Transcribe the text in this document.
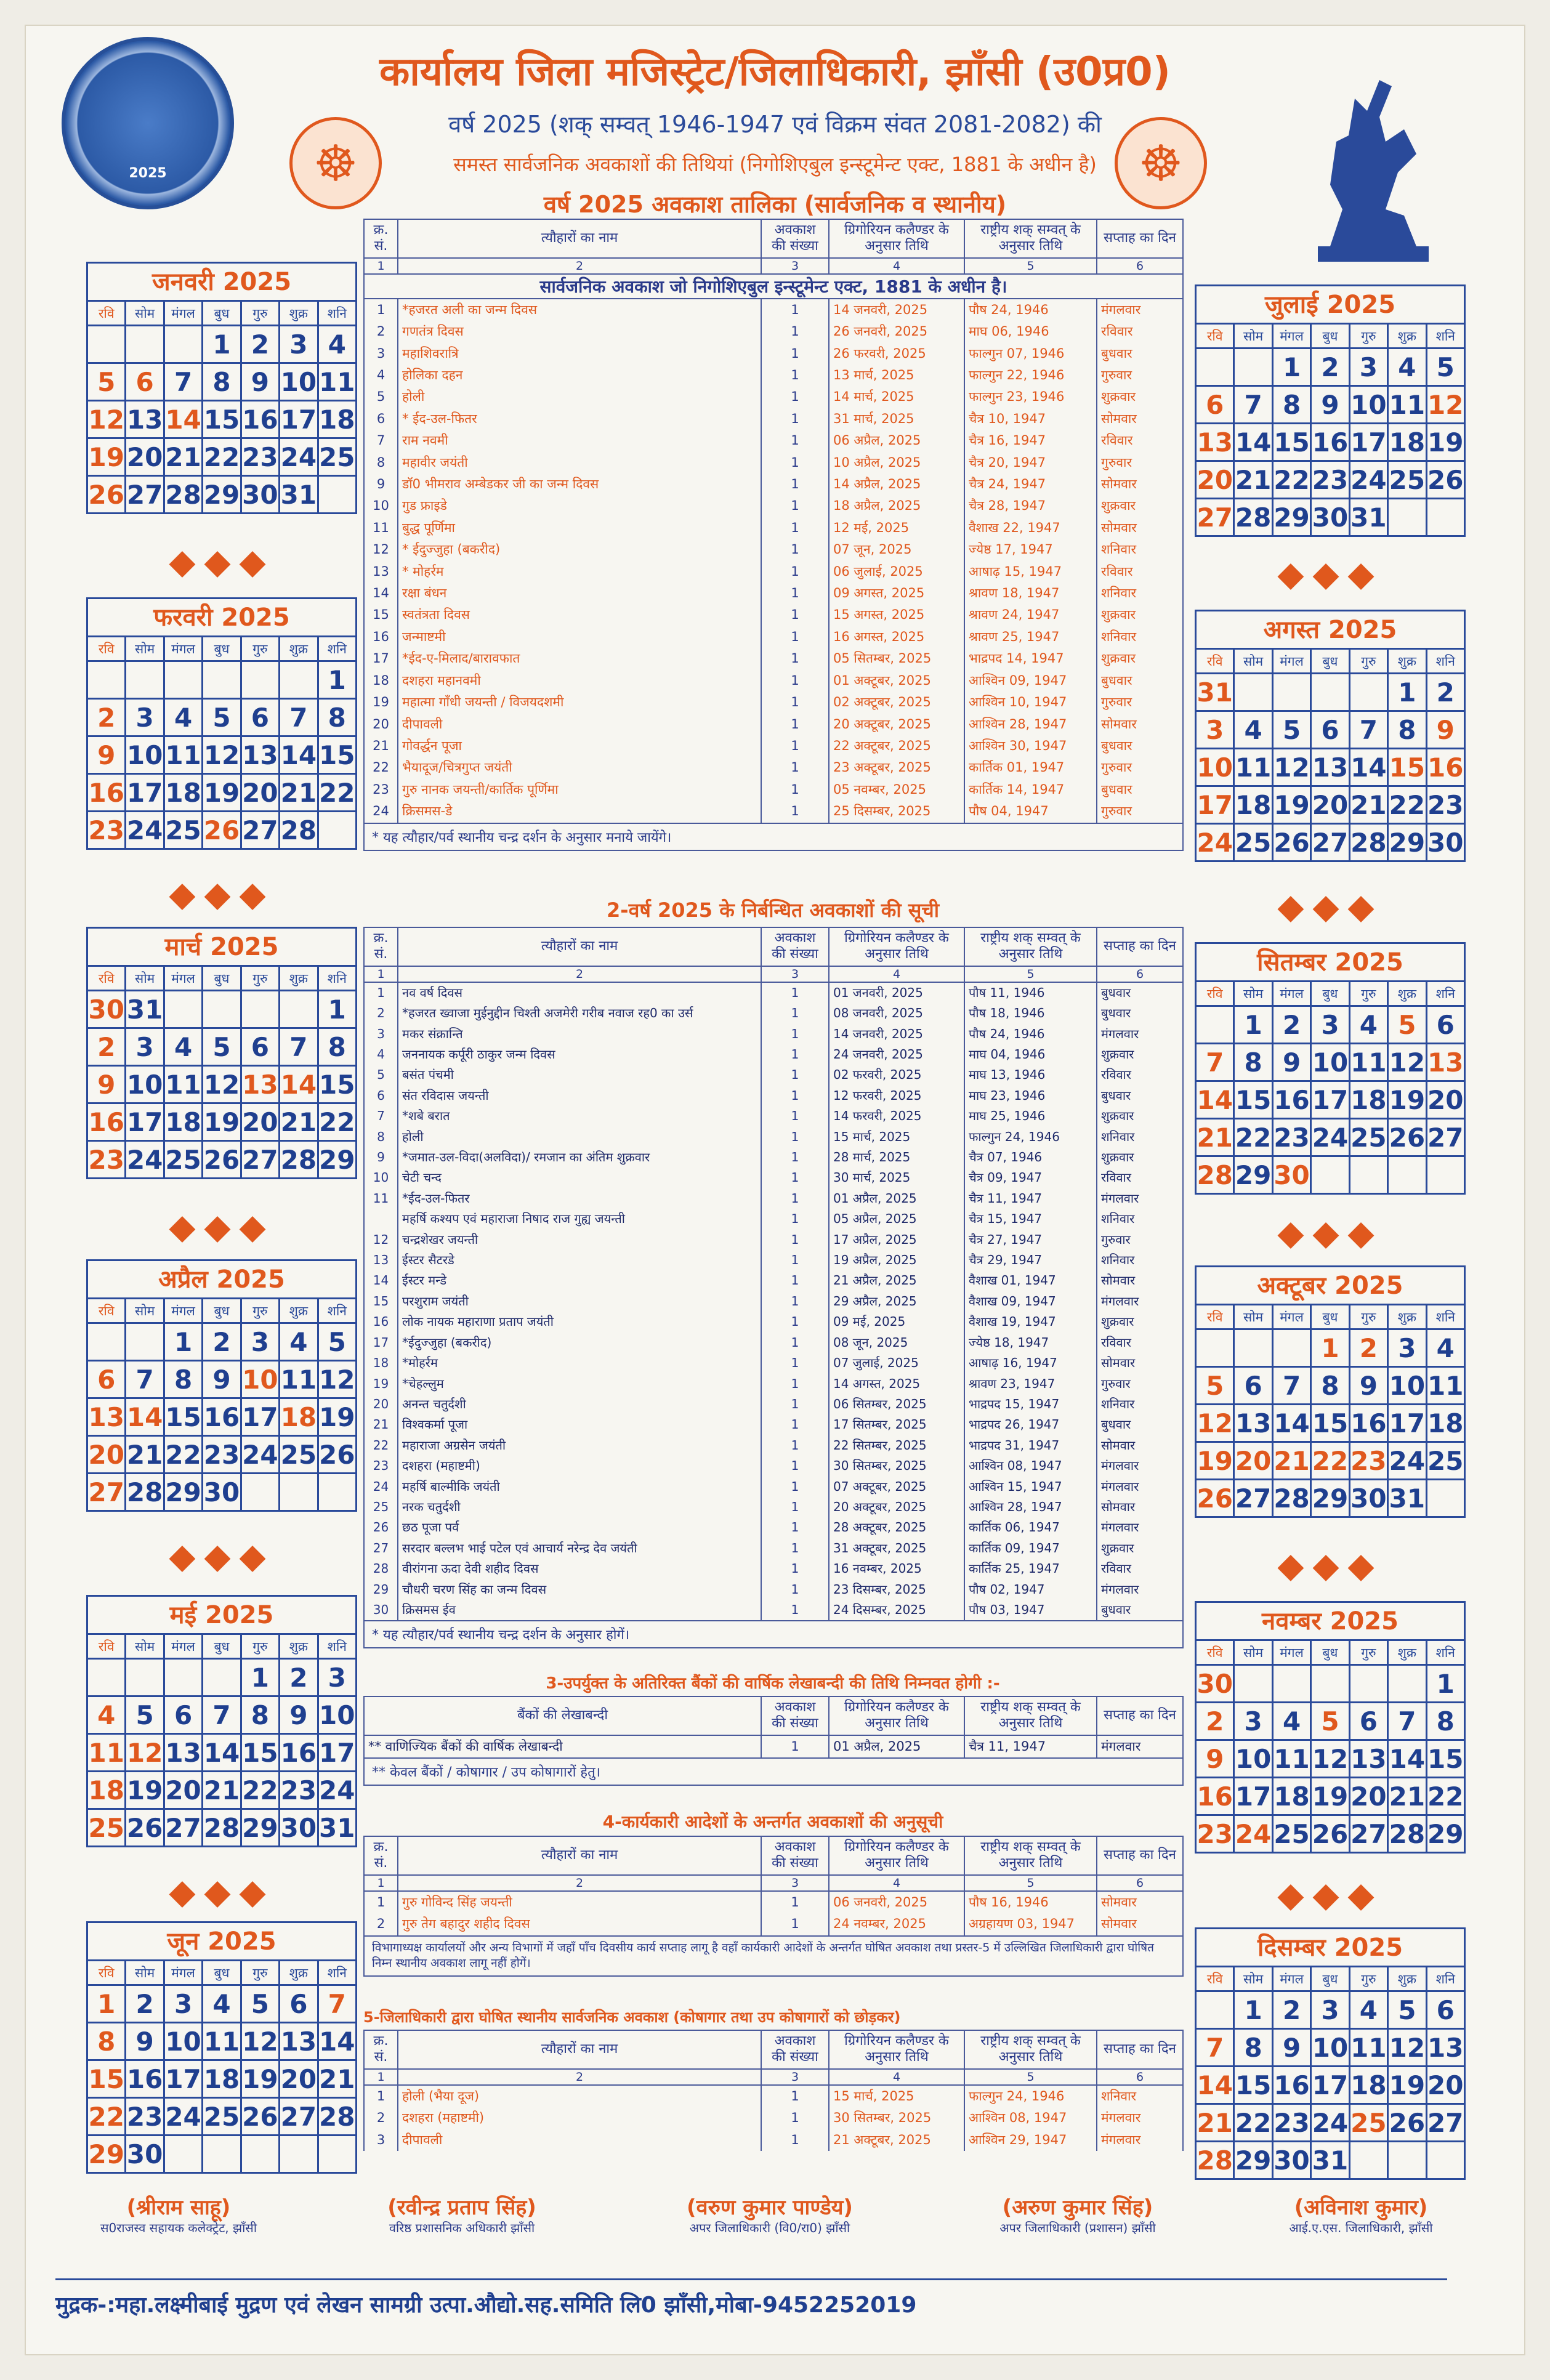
2025
☸
☸
कार्यालय जिला मजिस्ट्रेट/जिलाधिकारी, झाँसी (उ0प्र0)
वर्ष 2025 (शक् सम्वत् 1946-1947 एवं विक्रम संवत 2081-2082) की
समस्त सार्वजनिक अवकाशों की तिथियां (निगोशिएबुल इन्स्टूमेन्ट एक्ट, 1881 के अधीन है)
वर्ष 2025 अवकाश तालिका (सार्वजनिक व स्थानीय)
जनवरी 2025
रवि	सोम	मंगल	बुध	गुरु	शुक्र	शनि
			1	2	3	4
5	6	7	8	9	10	11
12	13	14	15	16	17	18
19	20	21	22	23	24	25
26	27	28	29	30	31	
फरवरी 2025
रवि	सोम	मंगल	बुध	गुरु	शुक्र	शनि
						1
2	3	4	5	6	7	8
9	10	11	12	13	14	15
16	17	18	19	20	21	22
23	24	25	26	27	28	
मार्च 2025
रवि	सोम	मंगल	बुध	गुरु	शुक्र	शनि
30	31					1
2	3	4	5	6	7	8
9	10	11	12	13	14	15
16	17	18	19	20	21	22
23	24	25	26	27	28	29
अप्रैल 2025
रवि	सोम	मंगल	बुध	गुरु	शुक्र	शनि
		1	2	3	4	5
6	7	8	9	10	11	12
13	14	15	16	17	18	19
20	21	22	23	24	25	26
27	28	29	30			
मई 2025
रवि	सोम	मंगल	बुध	गुरु	शुक्र	शनि
				1	2	3
4	5	6	7	8	9	10
11	12	13	14	15	16	17
18	19	20	21	22	23	24
25	26	27	28	29	30	31
जून 2025
रवि	सोम	मंगल	बुध	गुरु	शुक्र	शनि
1	2	3	4	5	6	7
8	9	10	11	12	13	14
15	16	17	18	19	20	21
22	23	24	25	26	27	28
29	30					
जुलाई 2025
रवि	सोम	मंगल	बुध	गुरु	शुक्र	शनि
		1	2	3	4	5
6	7	8	9	10	11	12
13	14	15	16	17	18	19
20	21	22	23	24	25	26
27	28	29	30	31		
अगस्त 2025
रवि	सोम	मंगल	बुध	गुरु	शुक्र	शनि
31					1	2
3	4	5	6	7	8	9
10	11	12	13	14	15	16
17	18	19	20	21	22	23
24	25	26	27	28	29	30
सितम्बर 2025
रवि	सोम	मंगल	बुध	गुरु	शुक्र	शनि
	1	2	3	4	5	6
7	8	9	10	11	12	13
14	15	16	17	18	19	20
21	22	23	24	25	26	27
28	29	30				
अक्टूबर 2025
रवि	सोम	मंगल	बुध	गुरु	शुक्र	शनि
			1	2	3	4
5	6	7	8	9	10	11
12	13	14	15	16	17	18
19	20	21	22	23	24	25
26	27	28	29	30	31	
नवम्बर 2025
रवि	सोम	मंगल	बुध	गुरु	शुक्र	शनि
30						1
2	3	4	5	6	7	8
9	10	11	12	13	14	15
16	17	18	19	20	21	22
23	24	25	26	27	28	29
दिसम्बर 2025
रवि	सोम	मंगल	बुध	गुरु	शुक्र	शनि
	1	2	3	4	5	6
7	8	9	10	11	12	13
14	15	16	17	18	19	20
21	22	23	24	25	26	27
28	29	30	31			
◆◆◆
◆◆◆
◆◆◆
◆◆◆
◆◆◆
◆◆◆
◆◆◆
◆◆◆
◆◆◆
◆◆◆
क्र. सं.	त्यौहारों का नाम	अवकाश की संख्या	ग्रिगोरियन कलैण्डर के अनुसार तिथि	राष्ट्रीय शक् सम्वत् के अनुसार तिथि	सप्ताह का दिन
1	2	3	4	5	6
सार्वजनिक अवकाश जो निगोशिएबुल इन्स्टूमेन्ट एक्ट, 1881 के अधीन है।					
1	*हजरत अली का जन्म दिवस	1	14 जनवरी, 2025	पौष 24, 1946	मंगलवार
2	गणतंत्र दिवस	1	26 जनवरी, 2025	माघ 06, 1946	रविवार
3	महाशिवरात्रि	1	26 फरवरी, 2025	फाल्गुन 07, 1946	बुधवार
4	होलिका दहन	1	13 मार्च, 2025	फाल्गुन 22, 1946	गुरुवार
5	होली	1	14 मार्च, 2025	फाल्गुन 23, 1946	शुक्रवार
6	* ईद-उल-फितर	1	31 मार्च, 2025	चैत्र 10, 1947	सोमवार
7	राम नवमी	1	06 अप्रैल, 2025	चैत्र 16, 1947	रविवार
8	महावीर जयंती	1	10 अप्रैल, 2025	चैत्र 20, 1947	गुरुवार
9	डॉ0 भीमराव अम्बेडकर जी का जन्म दिवस	1	14 अप्रैल, 2025	चैत्र 24, 1947	सोमवार
10	गुड फ्राइडे	1	18 अप्रैल, 2025	चैत्र 28, 1947	शुक्रवार
11	बुद्ध पूर्णिमा	1	12 मई, 2025	वैशाख 22, 1947	सोमवार
12	* ईदुज्जुहा (बकरीद)	1	07 जून, 2025	ज्येष्ठ 17, 1947	शनिवार
13	* मोहर्रम	1	06 जुलाई, 2025	आषाढ़ 15, 1947	रविवार
14	रक्षा बंधन	1	09 अगस्त, 2025	श्रावण 18, 1947	शनिवार
15	स्वतंत्रता दिवस	1	15 अगस्त, 2025	श्रावण 24, 1947	शुक्रवार
16	जन्माष्टमी	1	16 अगस्त, 2025	श्रावण 25, 1947	शनिवार
17	*ईद-ए-मिलाद/बारावफात	1	05 सितम्बर, 2025	भाद्रपद 14, 1947	शुक्रवार
18	दशहरा महानवमी	1	01 अक्टूबर, 2025	आश्विन 09, 1947	बुधवार
19	महात्मा गाँधी जयन्ती / विजयदशमी	1	02 अक्टूबर, 2025	आश्विन 10, 1947	गुरुवार
20	दीपावली	1	20 अक्टूबर, 2025	आश्विन 28, 1947	सोमवार
21	गोवर्द्धन पूजा	1	22 अक्टूबर, 2025	आश्विन 30, 1947	बुधवार
22	भैयादूज/चित्रगुप्त जयंती	1	23 अक्टूबर, 2025	कार्तिक 01, 1947	गुरुवार
23	गुरु नानक जयन्ती/कार्तिक पूर्णिमा	1	05 नवम्बर, 2025	कार्तिक 14, 1947	बुधवार
24	क्रिसमस-डे	1	25 दिसम्बर, 2025	पौष 04, 1947	गुरुवार
* यह त्यौहार/पर्व स्थानीय चन्द्र दर्शन के अनुसार मनाये जायेंगे।					
2-वर्ष 2025 के निर्बन्धित अवकाशों की सूची
क्र. सं.	त्यौहारों का नाम	अवकाश की संख्या	ग्रिगोरियन कलैण्डर के अनुसार तिथि	राष्ट्रीय शक् सम्वत् के अनुसार तिथि	सप्ताह का दिन
1	2	3	4	5	6
1	नव वर्ष दिवस	1	01 जनवरी, 2025	पौष 11, 1946	बुधवार
2	*हजरत ख्वाजा मुईनुद्दीन चिश्ती अजमेरी गरीब नवाज रह0 का उर्स	1	08 जनवरी, 2025	पौष 18, 1946	बुधवार
3	मकर संक्रान्ति	1	14 जनवरी, 2025	पौष 24, 1946	मंगलवार
4	जननायक कर्पूरी ठाकुर जन्म दिवस	1	24 जनवरी, 2025	माघ 04, 1946	शुक्रवार
5	बसंत पंचमी	1	02 फरवरी, 2025	माघ 13, 1946	रविवार
6	संत रविदास जयन्ती	1	12 फरवरी, 2025	माघ 23, 1946	बुधवार
7	*शबे बरात	1	14 फरवरी, 2025	माघ 25, 1946	शुक्रवार
8	होली	1	15 मार्च, 2025	फाल्गुन 24, 1946	शनिवार
9	*जमात-उल-विदा(अलविदा)/ रमजान का अंतिम शुक्रवार	1	28 मार्च, 2025	चैत्र 07, 1946	शुक्रवार
10	चेटी चन्द	1	30 मार्च, 2025	चैत्र 09, 1947	रविवार
11	*ईद-उल-फितर	1	01 अप्रैल, 2025	चैत्र 11, 1947	मंगलवार
	महर्षि कश्यप एवं महाराजा निषाद राज गुह्य जयन्ती	1	05 अप्रैल, 2025	चैत्र 15, 1947	शनिवार
12	चन्द्रशेखर जयन्ती	1	17 अप्रैल, 2025	चैत्र 27, 1947	गुरुवार
13	ईस्टर सैटरडे	1	19 अप्रैल, 2025	चैत्र 29, 1947	शनिवार
14	ईस्टर मन्डे	1	21 अप्रैल, 2025	वैशाख 01, 1947	सोमवार
15	परशुराम जयंती	1	29 अप्रैल, 2025	वैशाख 09, 1947	मंगलवार
16	लोक नायक महाराणा प्रताप जयंती	1	09 मई, 2025	वैशाख 19, 1947	शुक्रवार
17	*ईदुज्जुहा (बकरीद)	1	08 जून, 2025	ज्येष्ठ 18, 1947	रविवार
18	*मोहर्रम	1	07 जुलाई, 2025	आषाढ़ 16, 1947	सोमवार
19	*चेहल्लुम	1	14 अगस्त, 2025	श्रावण 23, 1947	गुरुवार
20	अनन्त चतुर्दशी	1	06 सितम्बर, 2025	भाद्रपद 15, 1947	शनिवार
21	विश्वकर्मा पूजा	1	17 सितम्बर, 2025	भाद्रपद 26, 1947	बुधवार
22	महाराजा अग्रसेन जयंती	1	22 सितम्बर, 2025	भाद्रपद 31, 1947	सोमवार
23	दशहरा (महाष्टमी)	1	30 सितम्बर, 2025	आश्विन 08, 1947	मंगलवार
24	महर्षि बाल्मीकि जयंती	1	07 अक्टूबर, 2025	आश्विन 15, 1947	मंगलवार
25	नरक चतुर्दशी	1	20 अक्टूबर, 2025	आश्विन 28, 1947	सोमवार
26	छठ पूजा पर्व	1	28 अक्टूबर, 2025	कार्तिक 06, 1947	मंगलवार
27	सरदार बल्लभ भाई पटेल एवं आचार्य नरेन्द्र देव जयंती	1	31 अक्टूबर, 2025	कार्तिक 09, 1947	शुक्रवार
28	वीरांगना ऊदा देवी शहीद दिवस	1	16 नवम्बर, 2025	कार्तिक 25, 1947	रविवार
29	चौधरी चरण सिंह का जन्म दिवस	1	23 दिसम्बर, 2025	पौष 02, 1947	मंगलवार
30	क्रिसमस ईव	1	24 दिसम्बर, 2025	पौष 03, 1947	बुधवार
* यह त्यौहार/पर्व स्थानीय चन्द्र दर्शन के अनुसार होगें।					
3-उपर्युक्त के अतिरिक्त बैंकों की वार्षिक लेखाबन्दी की तिथि निम्नवत होगी :-
बैंकों की लेखाबन्दी	अवकाश की संख्या	ग्रिगोरियन कलैण्डर के अनुसार तिथि	राष्ट्रीय शक् सम्वत् के अनुसार तिथि	सप्ताह का दिन
** वाणिज्यिक बैंकों की वार्षिक लेखाबन्दी	1	01 अप्रैल, 2025	चैत्र 11, 1947	मंगलवार
** केवल बैंकों / कोषागार / उप कोषागारों हेतु।				
4-कार्यकारी आदेशों के अन्तर्गत अवकाशों की अनुसूची
क्र. सं.	त्यौहारों का नाम	अवकाश की संख्या	ग्रिगोरियन कलैण्डर के अनुसार तिथि	राष्ट्रीय शक् सम्वत् के अनुसार तिथि	सप्ताह का दिन
1	2	3	4	5	6
1	गुरु गोविन्द सिंह जयन्ती	1	06 जनवरी, 2025	पौष 16, 1946	सोमवार
2	गुरु तेग बहादुर शहीद दिवस	1	24 नवम्बर, 2025	अग्रहायण 03, 1947	सोमवार
विभागाध्यक्ष कार्यालयों और अन्य विभागों में जहाँ पाँच दिवसीय कार्य सप्ताह लागू है वहाँ कार्यकारी आदेशों के अन्तर्गत घोषित अवकाश तथा प्रस्तर-5 में उल्लिखित जिलाधिकारी द्वारा घोषित निम्न स्थानीय अवकाश लागू नहीं होगें।					
5-जिलाधिकारी द्वारा घोषित स्थानीय सार्वजनिक अवकाश (कोषागार तथा उप कोषागारों को छोड़कर)
क्र. सं.	त्यौहारों का नाम	अवकाश की संख्या	ग्रिगोरियन कलैण्डर के अनुसार तिथि	राष्ट्रीय शक् सम्वत् के अनुसार तिथि	सप्ताह का दिन
1	2	3	4	5	6
1	होली (भैया दूज)	1	15 मार्च, 2025	फाल्गुन 24, 1946	शनिवार
2	दशहरा (महाष्टमी)	1	30 सितम्बर, 2025	आश्विन 08, 1947	मंगलवार
3	दीपावली	1	21 अक्टूबर, 2025	आश्विन 29, 1947	मंगलवार
(श्रीराम साहू)
स0राजस्व सहायक कलेक्ट्रेट, झाँसी
(रवीन्द्र प्रताप सिंह)
वरिष्ठ प्रशासनिक अधिकारी झाँसी
(वरुण कुमार पाण्डेय)
अपर जिलाधिकारी (वि0/रा0) झाँसी
(अरुण कुमार सिंह)
अपर जिलाधिकारी (प्रशासन) झाँसी
(अविनाश कुमार)
आई.ए.एस. जिलाधिकारी, झाँसी
मुद्रक-:महा.लक्ष्मीबाई मुद्रण एवं लेखन सामग्री उत्पा.औद्यो.सह.समिति लि0 झाँसी,मोबा-9452252019
